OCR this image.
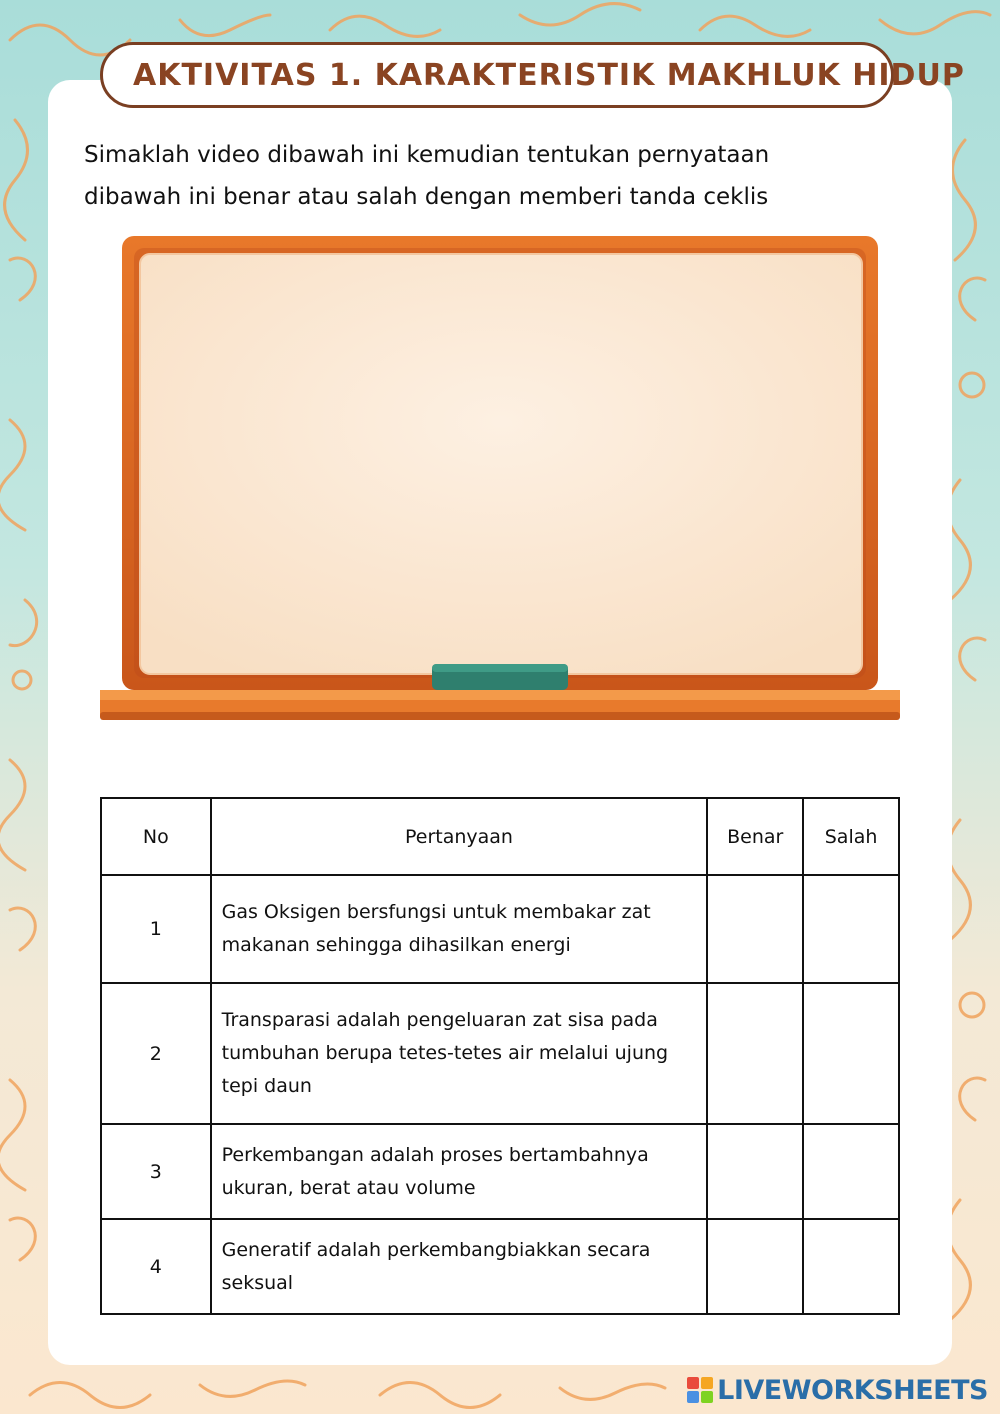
AKTIVITAS 1. KARAKTERISTIK MAKHLUK HIDUP
Simaklah video dibawah ini kemudian tentukan pernyataan
dibawah ini benar atau salah dengan memberi tanda ceklis
No	Pertanyaan	Benar	Salah
1	Gas Oksigen bersfungsi untuk membakar zat makanan sehingga dihasilkan energi		
2	Transparasi adalah pengeluaran zat sisa pada tumbuhan berupa tetes-tetes air melalui ujung tepi daun		
3	Perkembangan adalah proses bertambahnya ukuran, berat atau volume		
4	Generatif adalah perkembangbiakkan secara seksual		
LIVEWORKSHEETS
